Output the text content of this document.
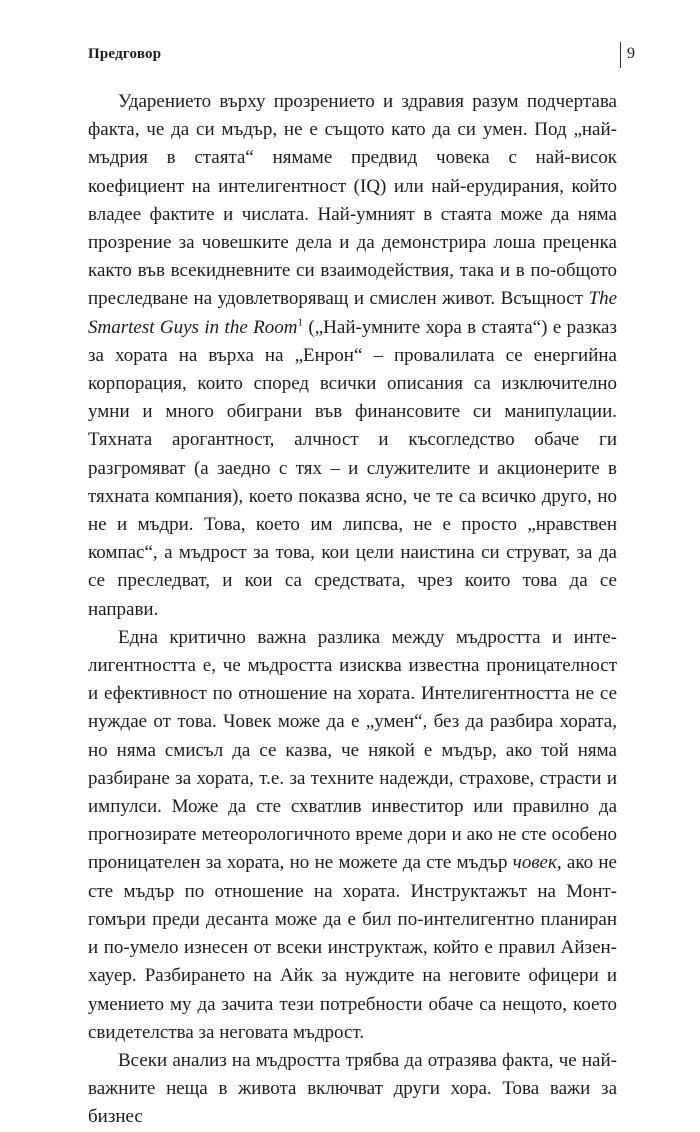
Предговор	9

Ударението върху прозрението и здравия разум подчертава факта, че да си мъдър, не е същото като да си умен. Под „най-мъдрия в стаята“ нямаме предвид човека с най-висок коефициент на интелигентност (IQ) или най-ерудирания, който владее фактите и числата. Най-умният в стаята може да няма прозрение за човешките дела и да демонстрира лоша преценка както във всекидневните си взаимодействия, така и в по-общото преследване на удовлетворяващ и смислен живот. Всъщност The Smartest Guys in the Room$^1$ („Най-умните хора в стаята“) е разказ за хората на върха на „Енрон“ – провалилата се енергийна корпорация, които според всички описания са изключително умни и много обиграни във финансовите си манипулации. Тяхната арогантност, алчност и късогледство обаче ги разгромяват (а заедно с тях – и служителите и акционерите в тяхната компания), което показва ясно, че те са всичко друго, но не и мъдри. Това, което им липсва, не е просто „нравствен компас“, а мъдрост за това, кои цели наистина си струват, за да се преследват, и кои са средствата, чрез които това да се направи.

Една критично важна разлика между мъдростта и интелигентността е, че мъдростта изисква известна проницателност и ефективност по отношение на хората. Интелигентността не се нуждае от това. Човек може да е „умен“, без да разбира хората, но няма смисъл да се казва, че някой е мъдър, ако той няма разбиране за хората, т.е. за техните надежди, страхове, страсти и импулси. Може да сте схватлив инвеститор или правилно да прогнозирате метеорологичното време дори и ако не сте особено проницателен за хората, но не можете да сте мъдър човек, ако не сте мъдър по отношение на хората. Инструктажът на Монтгомъри преди десанта може да е бил по-интелигентно планиран и по-умело изнесен от всеки инструктаж, който е правил Айзенхауер. Разбирането на Айк за нуждите на неговите офицери и умението му да зачита тези потребности обаче са нещото, което свидетелства за неговата мъдрост.

Всеки анализ на мъдростта трябва да отразява факта, че най-важните неща в живота включват други хора. Това важи за бизнес
